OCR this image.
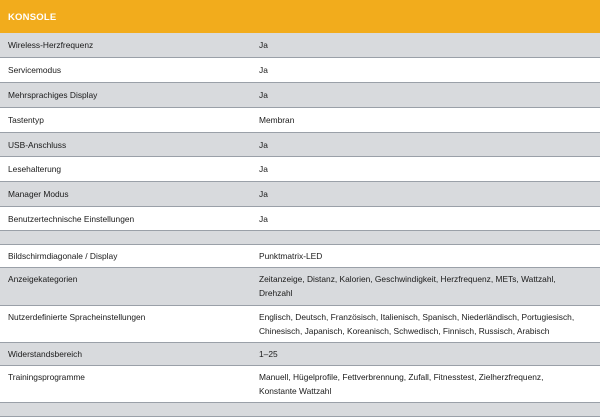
KONSOLE
Wireless-Herzfrequenz	Ja
Servicemodus	Ja
Mehrsprachiges Display	Ja
Tastentyp	Membran
USB-Anschluss	Ja
Lesehalterung	Ja
Manager Modus	Ja
Benutzertechnische Einstellungen	Ja
Bildschirmdiagonale / Display	Punktmatrix-LED
Anzeigekategorien	Zeitanzeige, Distanz, Kalorien, Geschwindigkeit, Herzfrequenz, METs, Wattzahl,
Drehzahl
Nutzerdefinierte Spracheinstellungen	Englisch, Deutsch, Französisch, Italienisch, Spanisch, Niederländisch, Portugiesisch,
Chinesisch, Japanisch, Koreanisch, Schwedisch, Finnisch, Russisch, Arabisch
Widerstandsbereich	1–25
Trainingsprogramme	Manuell, Hügelprofile, Fettverbrennung, Zufall, Fitnesstest, Zielherzfrequenz,
Konstante Wattzahl
